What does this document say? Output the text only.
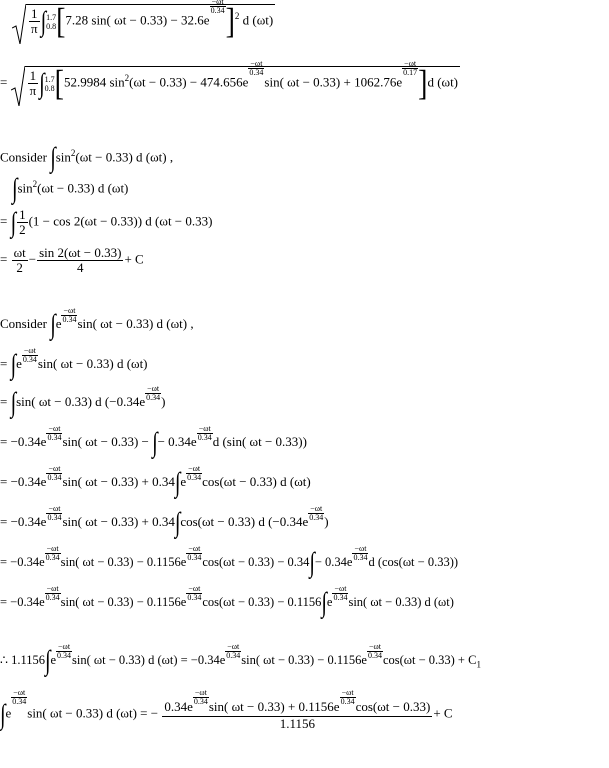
$\frac{1}{\pi}$ ∫ 1.7
0.8 [7.28 sin( ωt − 0.33) − 32.6e
$\frac{-\omega t}{0.34} ]^2$ d (ωt)
= $\frac{1}{\pi}$ ∫ 1.7
0.8 [52.9984 $\sin^2(\omega t - 0.33) - 474.656e$
$\frac{-\omega t}{0.34}$
sin( ωt − 0.33) + 1062.76e
$\frac{-\omega t}{0.17} ]d$ (ωt)
Consider $\int\sin^2(\omega t - 0.33)$ d (ωt) ,
$\int\sin^2(\omega t - 0.33)$ d (ωt)
= ∫ $\frac{1}{2} (1 - \cos 2(\omega t - 0.33))$ d (ωt − 0.33)
= $\frac{\omega t}{2} - \frac{\sin 2(\omega t - 0.33)}{4} + C$
Consider $\int e \frac{-\omega t}{0.34} \sin$( ωt − 0.33) d (ωt) ,
= $\int e \frac{-\omega t}{0.34} \sin$( ωt − 0.33) d (ωt)
= ∫sin( ωt − 0.33) d ($-0.34e \frac{-\omega t}{0.34}$ )
= $-0.34e \frac{-\omega t}{0.34} \sin$( ωt − 0.33) − ∫− $0.34e \frac{-\omega t}{0.34}$ d (sin( ωt − 0.33))
= $-0.34e \frac{-\omega t}{0.34} \sin$( $\omega t - 0.33) + 0.34\int e \frac{-\omega t}{0.34} \cos(\omega t - 0.33)$ d (ωt)
= $-0.34e \frac{-\omega t}{0.34} \sin$( ωt − 0.33) + 0.34∫cos(ωt − 0.33) d ($-0.34e \frac{-\omega t}{0.34}$ )
= $-0.34e \frac{-\omega t}{0.34} \sin$( $\omega t - 0.33) - 0.1156e \frac{-\omega t}{0.34} \cos(\omega t - 0.33) - 0.34\int- 0.34e \frac{-\omega t}{0.34}$ d (cos(ωt − 0.33))
= $-0.34e \frac{-\omega t}{0.34} \sin$( $\omega t - 0.33) - 0.1156e \frac{-\omega t}{0.34} \cos(\omega t - 0.33) - 0.1156\int e \frac{-\omega t}{0.34} \sin$( ωt − 0.33) d (ωt)
∴ $1.1156\int e \frac{-\omega t}{0.34} \sin$( ωt − 0.33) d $(\omega t) = -0.34e \frac{-\omega t}{0.34} \sin$( $\omega t - 0.33) - 0.1156e \frac{-\omega t}{0.34} \cos(\omega t - 0.33) + C_1$
∫e
$\frac{-\omega t}{0.34}$
sin( ωt − 0.33) d (ωt) = − 0.34e
$\frac{-\omega t}{0.34}$
sin( ωt − 0.33) + 0.1156e
$\frac{-\omega t}{0.34}$
cos(ωt − 0.33)
1.1156 + C
